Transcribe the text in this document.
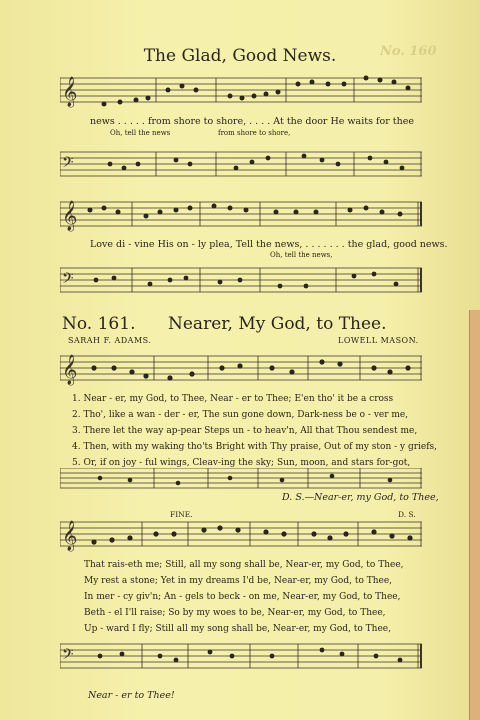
No. 160
The Glad, Good News.
𝄞
news . . . . . from shore to shore, . . . . At the door He waits for thee
Oh, tell the news	from shore to shore,
𝄢
𝄞
Love di - vine His on - ly plea, Tell the news, . . . . . . . the glad, good news.
Oh, tell the news,
𝄢
No. 161. Nearer, My God, to Thee.
SARAH F. ADAMS.	LOWELL MASON.
𝄞
1. Near - er, my God, to Thee, Near - er to Thee; E'en tho' it be a cross
2. Tho', like a wan - der - er, The sun gone down, Dark-ness be o - ver me,
3. There let the way ap-pear Steps un - to heav'n, All that Thou sendest me,
4. Then, with my waking tho'ts Bright with Thy praise, Out of my ston - y griefs,
5. Or, if on joy - ful wings, Cleav-ing the sky; Sun, moon, and stars for-got,
D. S.—Near-er, my God, to Thee,
FINE.	D. S.
𝄞
That rais-eth me; Still, all my song shall be, Near-er, my God, to Thee,
My rest a stone; Yet in my dreams I'd be, Near-er, my God, to Thee,
In mer - cy giv'n; An - gels to beck - on me, Near-er, my God, to Thee,
Beth - el I'll raise; So by my woes to be, Near-er, my God, to Thee,
Up - ward I fly; Still all my song shall be, Near-er, my God, to Thee,
𝄢
Near - er to Thee!
